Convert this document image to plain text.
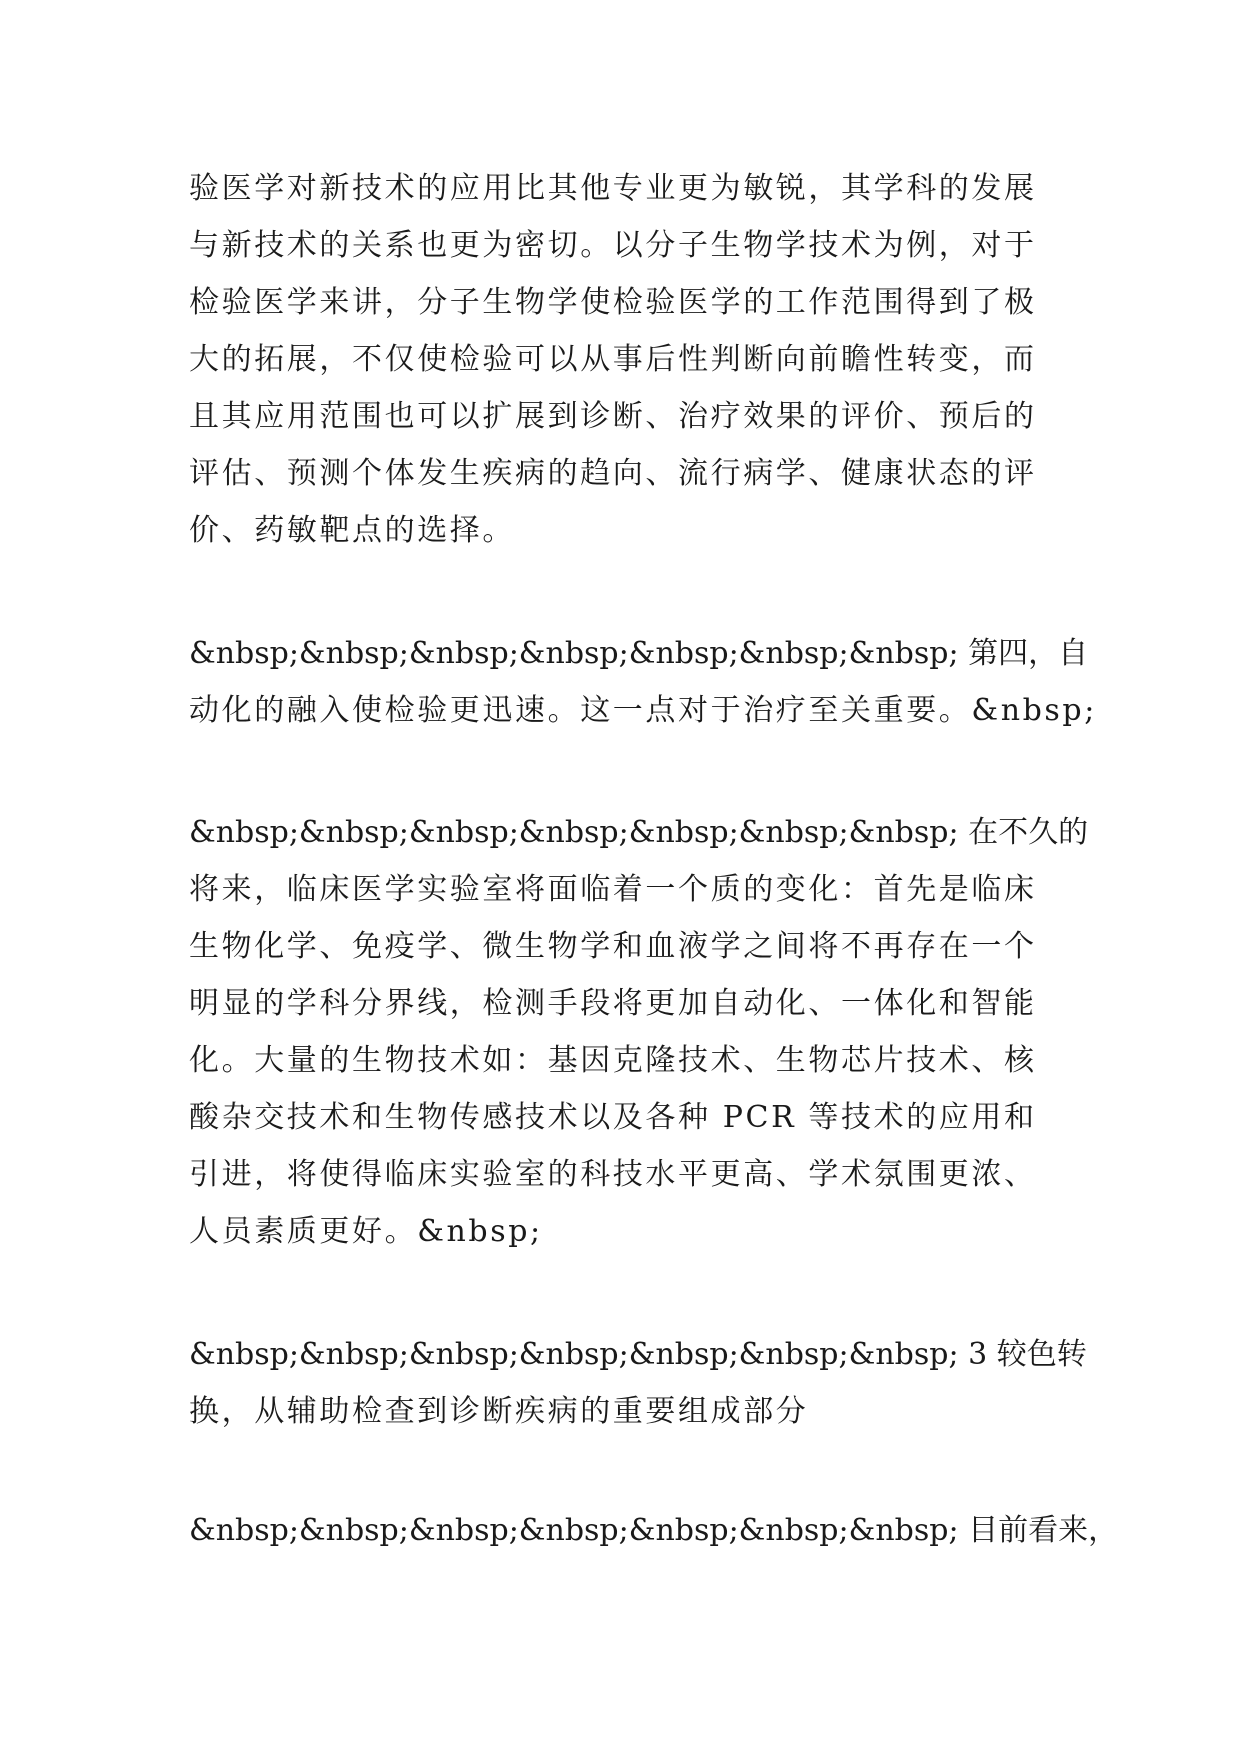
验医学对新技术的应用比其他专业更为敏锐，其学科的发展
与新技术的关系也更为密切。以分子生物学技术为例，对于
检验医学来讲，分子生物学使检验医学的工作范围得到了极
大的拓展，不仅使检验可以从事后性判断向前瞻性转变，而
且其应用范围也可以扩展到诊断、治疗效果的评价、预后的
评估、预测个体发生疾病的趋向、流行病学、健康状态的评
价、药敏靶点的选择。
&nbsp;&nbsp;&nbsp;&nbsp;&nbsp;&nbsp;&nbsp; 第四，自
动化的融入使检验更迅速。这一点对于治疗至关重要。&nbsp;
&nbsp;&nbsp;&nbsp;&nbsp;&nbsp;&nbsp;&nbsp; 在不久的
将来，临床医学实验室将面临着一个质的变化：首先是临床
生物化学、免疫学、微生物学和血液学之间将不再存在一个
明显的学科分界线，检测手段将更加自动化、一体化和智能
化。大量的生物技术如：基因克隆技术、生物芯片技术、核
酸杂交技术和生物传感技术以及各种 PCR 等技术的应用和
引进，将使得临床实验室的科技水平更高、学术氛围更浓、
人员素质更好。&nbsp;
&nbsp;&nbsp;&nbsp;&nbsp;&nbsp;&nbsp;&nbsp; 3 较色转
换，从辅助检查到诊断疾病的重要组成部分
&nbsp;&nbsp;&nbsp;&nbsp;&nbsp;&nbsp;&nbsp; 目前看来，
